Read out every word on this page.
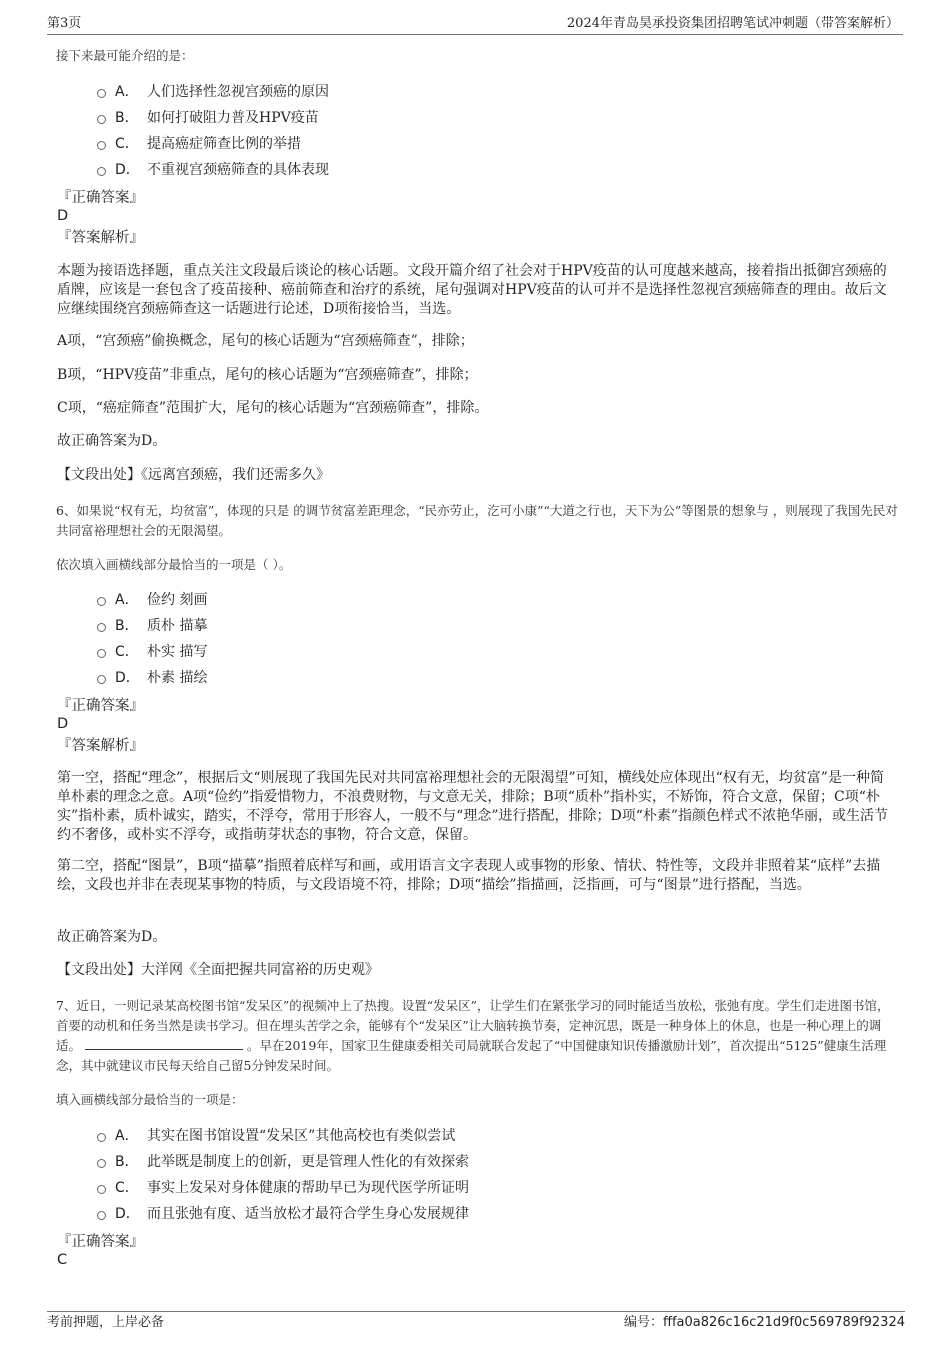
第3页	2024年青岛昊承投资集团招聘笔试冲刺题（带答案解析）
接下来最可能介绍的是：
A． 人们选择性忽视宫颈癌的原因
B． 如何打破阻力普及HPV疫苗
C． 提高癌症筛查比例的举措
D． 不重视宫颈癌筛查的具体表现
『正确答案』
D
『答案解析』
本题为接语选择题，重点关注文段最后谈论的核心话题。文段开篇介绍了社会对于HPV疫苗的认可度越来越高，接着指出抵御宫颈癌的盾牌，应该是一套包含了疫苗接种、癌前筛查和治疗的系统，尾句强调对HPV疫苗的认可并不是选择性忽视宫颈癌筛查的理由。故后文应继续围绕宫颈癌筛查这一话题进行论述，D项衔接恰当，当选。
A项，“宫颈癌”偷换概念，尾句的核心话题为“宫颈癌筛查”，排除；
B项，“HPV疫苗”非重点，尾句的核心话题为“宫颈癌筛查”，排除；
C项，“癌症筛查”范围扩大，尾句的核心话题为“宫颈癌筛查”，排除。
故正确答案为D。
【文段出处】《远离宫颈癌，我们还需多久》
6、如果说“权有无，均贫富”，体现的只是 的调节贫富差距理念，“民亦劳止，汔可小康”“大道之行也，天下为公”等图景的想象与 ，则展现了我国先民对共同富裕理想社会的无限渴望。
依次填入画横线部分最恰当的一项是（ ）。
A． 俭约 刻画
B． 质朴 描摹
C． 朴实 描写
D． 朴素 描绘
『正确答案』
D
『答案解析』
第一空，搭配“理念”，根据后文“则展现了我国先民对共同富裕理想社会的无限渴望”可知，横线处应体现出“权有无，均贫富”是一种简单朴素的理念之意。A项“俭约”指爱惜物力，不浪费财物，与文意无关，排除；B项“质朴”指朴实，不矫饰，符合文意，保留；C项“朴实”指朴素，质朴诚实，踏实，不浮夸，常用于形容人，一般不与“理念”进行搭配，排除；D项“朴素”指颜色样式不浓艳华丽，或生活节约不奢侈，或朴实不浮夸，或指萌芽状态的事物，符合文意，保留。
第二空，搭配“图景”，B项“描摹”指照着底样写和画，或用语言文字表现人或事物的形象、情状、特性等，文段并非照着某“底样”去描绘，文段也并非在表现某事物的特质，与文段语境不符，排除；D项“描绘”指描画，泛指画，可与“图景”进行搭配，当选。
故正确答案为D。
【文段出处】大洋网《全面把握共同富裕的历史观》
7、近日，一则记录某高校图书馆“发呆区”的视频冲上了热搜。设置“发呆区”，让学生们在紧张学习的同时能适当放松，张弛有度。学生们走进图书馆，首要的动机和任务当然是读书学习。但在埋头苦学之余，能够有个“发呆区”让大脑转换节奏，定神沉思，既是一种身体上的休息，也是一种心理上的调适。	。早在2019年，国家卫生健康委相关司局就联合发起了“中国健康知识传播激励计划”，首次提出“5125”健康生活理念，其中就建议市民每天给自己留5分钟发呆时间。
填入画横线部分最恰当的一项是：
A． 其实在图书馆设置“发呆区”其他高校也有类似尝试
B． 此举既是制度上的创新，更是管理人性化的有效探索
C． 事实上发呆对身体健康的帮助早已为现代医学所证明
D． 而且张弛有度、适当放松才最符合学生身心发展规律
『正确答案』
C
考前押题，上岸必备	编号：fffa0a826c16c21d9f0c569789f92324
